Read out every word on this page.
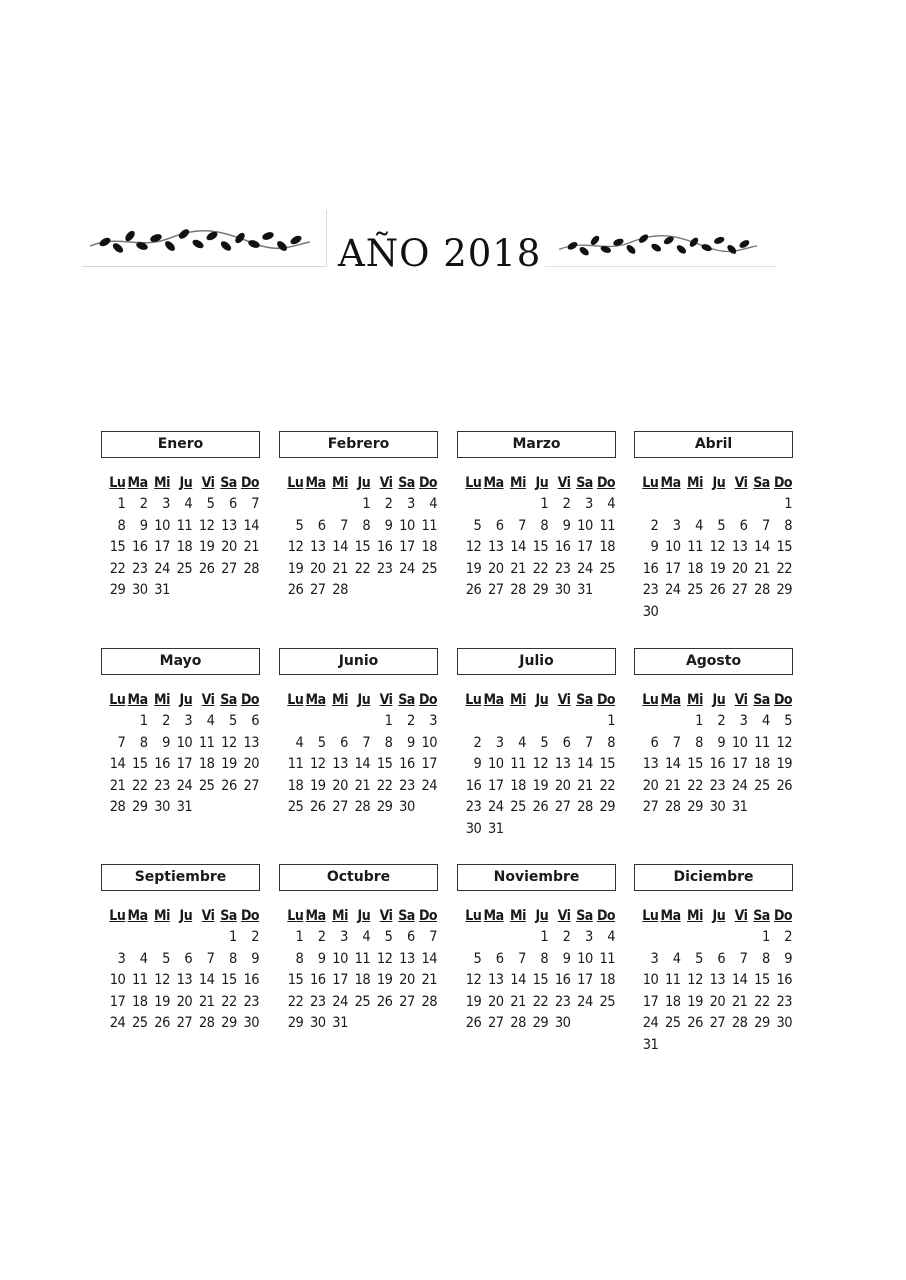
AÑO 2018
Enero
Lu Ma Mi Ju Vi Sa Do
1 2 3 4 5 6 7
8 9 10 11 12 13 14
15 16 17 18 19 20 21
22 23 24 25 26 27 28
29 30 31
Febrero
Lu Ma Mi Ju Vi Sa Do
1 2 3 4
5 6 7 8 9 10 11
12 13 14 15 16 17 18
19 20 21 22 23 24 25
26 27 28
Marzo
Lu Ma Mi Ju Vi Sa Do
1 2 3 4
5 6 7 8 9 10 11
12 13 14 15 16 17 18
19 20 21 22 23 24 25
26 27 28 29 30 31
Abril
Lu Ma Mi Ju Vi Sa Do
1
2 3 4 5 6 7 8
9 10 11 12 13 14 15
16 17 18 19 20 21 22
23 24 25 26 27 28 29
30
Mayo
Lu Ma Mi Ju Vi Sa Do
1 2 3 4 5 6
7 8 9 10 11 12 13
14 15 16 17 18 19 20
21 22 23 24 25 26 27
28 29 30 31
Junio
Lu Ma Mi Ju Vi Sa Do
1 2 3
4 5 6 7 8 9 10
11 12 13 14 15 16 17
18 19 20 21 22 23 24
25 26 27 28 29 30
Julio
Lu Ma Mi Ju Vi Sa Do
1
2 3 4 5 6 7 8
9 10 11 12 13 14 15
16 17 18 19 20 21 22
23 24 25 26 27 28 29
30 31
Agosto
Lu Ma Mi Ju Vi Sa Do
1 2 3 4 5
6 7 8 9 10 11 12
13 14 15 16 17 18 19
20 21 22 23 24 25 26
27 28 29 30 31
Septiembre
Lu Ma Mi Ju Vi Sa Do
1 2
3 4 5 6 7 8 9
10 11 12 13 14 15 16
17 18 19 20 21 22 23
24 25 26 27 28 29 30
Octubre
Lu Ma Mi Ju Vi Sa Do
1 2 3 4 5 6 7
8 9 10 11 12 13 14
15 16 17 18 19 20 21
22 23 24 25 26 27 28
29 30 31
Noviembre
Lu Ma Mi Ju Vi Sa Do
1 2 3 4
5 6 7 8 9 10 11
12 13 14 15 16 17 18
19 20 21 22 23 24 25
26 27 28 29 30
Diciembre
Lu Ma Mi Ju Vi Sa Do
1 2
3 4 5 6 7 8 9
10 11 12 13 14 15 16
17 18 19 20 21 22 23
24 25 26 27 28 29 30
31
